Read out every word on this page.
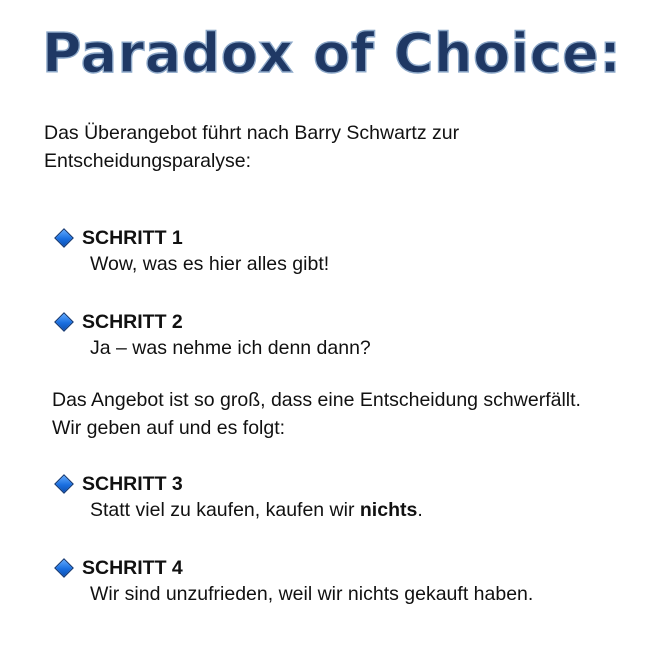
Paradox of Choice:

Das Überangebot führt nach Barry Schwartz zur
Entscheidungsparalyse:

SCHRITT 1
Wow, was es hier alles gibt!
SCHRITT 2
Ja – was nehme ich denn dann?

Das Angebot ist so groß, dass eine Entscheidung schwerfällt.
Wir geben auf und es folgt:

SCHRITT 3
Statt viel zu kaufen, kaufen wir nichts.
SCHRITT 4
Wir sind unzufrieden, weil wir nichts gekauft haben.
